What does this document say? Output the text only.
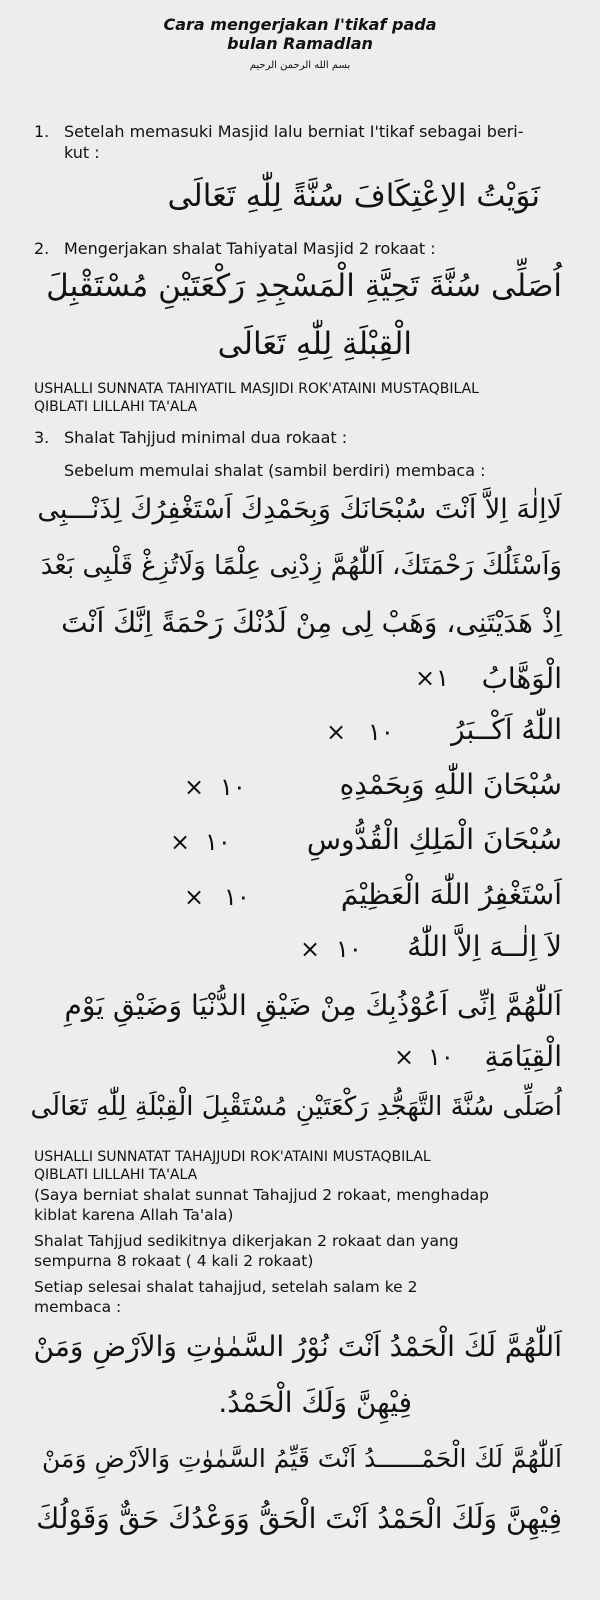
Cara mengerjakan I'tikaf pada
bulan Ramadlan
بسم الله الرحمن الرحيم
1. Setelah memasuki Masjid lalu berniat I'tikaf sebagai beri-
kut :
نَوَيْتُ الاِعْتِكَافَ سُنَّةً لِلّٰهِ تَعَالَى
2. Mengerjakan shalat Tahiyatal Masjid 2 rokaat :
اُصَلِّى سُنَّةَ تَحِيَّةِ الْمَسْجِدِ رَكْعَتَيْنِ مُسْتَقْبِلَ
الْقِبْلَةِ لِلّٰهِ تَعَالَى
USHALLI SUNNATA TAHIYATIL MASJIDI ROK'ATAINI MUSTAQBILAL
QIBLATI LILLAHI TA'ALA
3. Shalat Tahjjud minimal dua rokaat :
Sebelum memulai shalat (sambil berdiri) membaca :
لَااِلٰهَ اِلاَّ اَنْتَ سُبْحَانَكَ وَبِحَمْدِكَ اَسْتَغْفِرُكَ لِذَنْـــبِى
وَاَسْئَلُكَ رَحْمَتَكَ، اَللّٰهُمَّ زِدْنِى عِلْمًا وَلَاتُزِغْ قَلْبِى بَعْدَ
اِذْ هَدَيْتَنِى، وَهَبْ لِى مِنْ لَدُنْكَ رَحْمَةً اِنَّكَ اَنْتَ
الْوَهَّابُ
١
×
اللّٰهُ اَكْــبَرُ
١٠
×
سُبْحَانَ اللّٰهِ وَبِحَمْدِهِ
١٠
×
سُبْحَانَ الْمَلِكِ الْقُدُّوسِ
١٠
×
اَسْتَغْفِرُ اللّٰهَ الْعَظِيْمَ
١٠
×
لاَ اِلٰــهَ اِلاَّ اللّٰهُ
١٠
×
اَللّٰهُمَّ اِنِّى اَعُوْذُبِكَ مِنْ ضَيْقِ الدُّنْيَا وَضَيْقِ يَوْمِ
الْقِيَامَةِ
١٠
×
اُصَلِّى سُنَّةَ التَّهَجُّدِ رَكْعَتَيْنِ مُسْتَقْبِلَ الْقِبْلَةِ لِلّٰهِ تَعَالَى
USHALLI SUNNATAT TAHAJJUDI ROK'ATAINI MUSTAQBILAL
QIBLATI LILLAHI TA'ALA
(Saya berniat shalat sunnat Tahajjud 2 rokaat, menghadap
kiblat karena Allah Ta'ala)
Shalat Tahjjud sedikitnya dikerjakan 2 rokaat dan yang
sempurna 8 rokaat ( 4 kali 2 rokaat)
Setiap selesai shalat tahajjud, setelah salam ke 2
membaca :
اَللّٰهُمَّ لَكَ الْحَمْدُ اَنْتَ نُوْرُ السَّمٰوٰتِ وَالاَرْضِ وَمَنْ
فِيْهِنَّ وَلَكَ الْحَمْدُ.
اَللّٰهُمَّ لَكَ الْحَمْــــــدُ اَنْتَ قَيِّمُ السَّمٰوٰتِ وَالاَرْضِ وَمَنْ
فِيْهِنَّ وَلَكَ الْحَمْدُ اَنْتَ الْحَقُّ وَوَعْدُكَ حَقٌّ وَقَوْلُكَ
